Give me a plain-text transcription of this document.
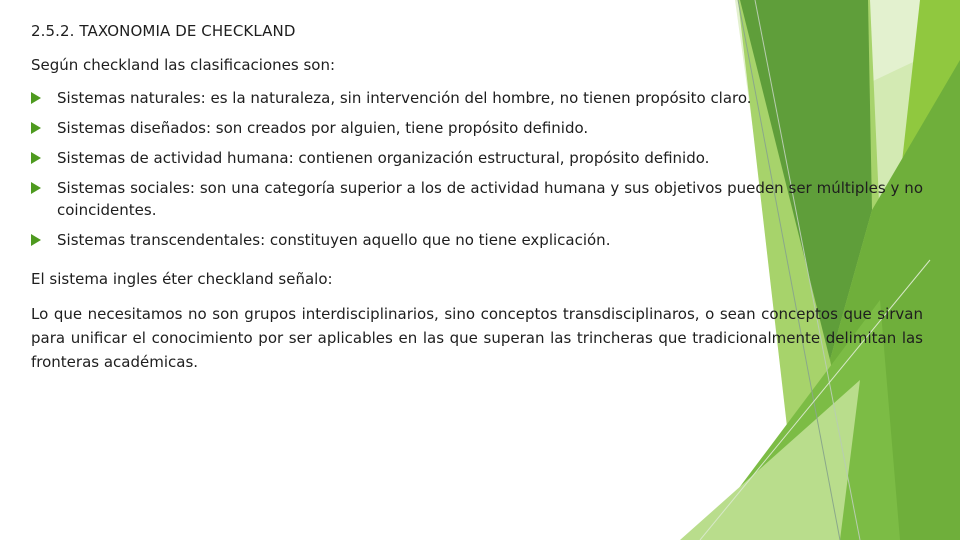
2.5.2. TAXONOMIA DE CHECKLAND

Según checkland las clasificaciones son:

Sistemas naturales: es la naturaleza, sin intervención del hombre, no tienen propósito claro.
Sistemas diseñados: son creados por alguien, tiene propósito definido.
Sistemas de actividad humana: contienen organización estructural, propósito definido.
Sistemas sociales: son una categoría superior a los de actividad humana y sus objetivos pueden ser múltiples y no coincidentes.
Sistemas transcendentales: constituyen aquello que no tiene explicación.

El sistema ingles éter checkland señalo:

Lo que necesitamos no son grupos interdisciplinarios, sino conceptos transdisciplinaros, o sean conceptos que sirvan para unificar el conocimiento por ser aplicables en las que superan las trincheras que tradicionalmente delimitan las fronteras académicas.
